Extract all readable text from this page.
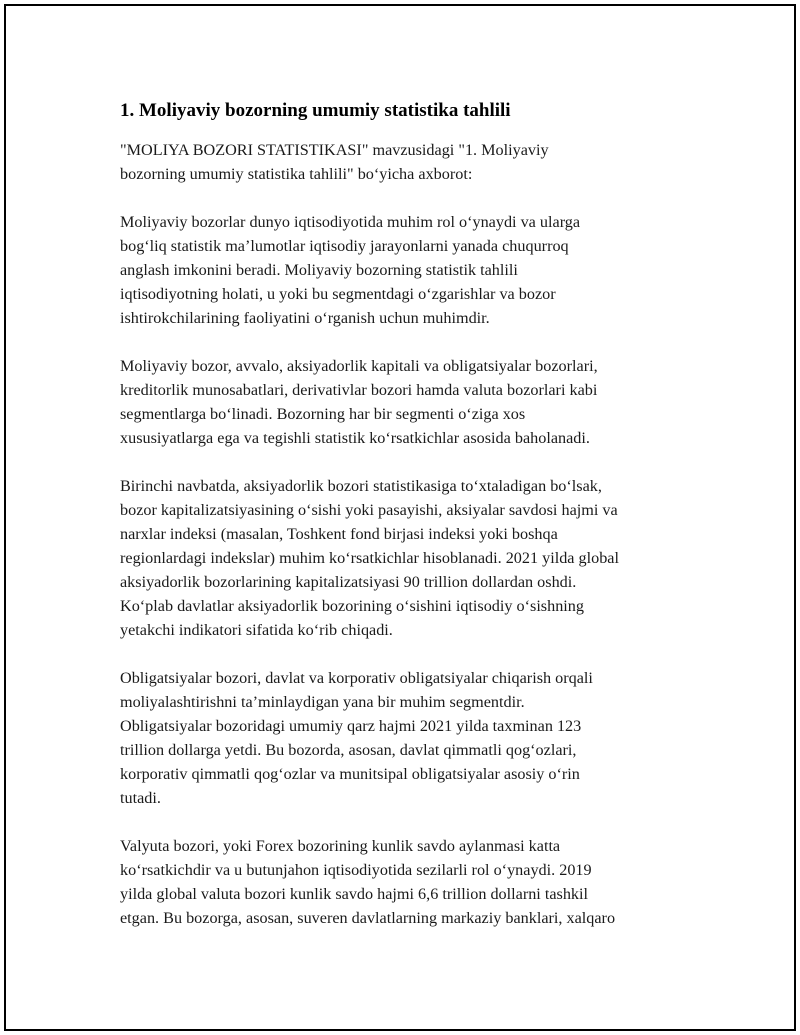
1. Moliyaviy bozorning umumiy statistika tahlili

"MOLIYA BOZORI STATISTIKASI" mavzusidagi "1. Moliyaviy
bozorning umumiy statistika tahlili" bo‘yicha axborot:

Moliyaviy bozorlar dunyo iqtisodiyotida muhim rol o‘ynaydi va ularga
bog‘liq statistik ma’lumotlar iqtisodiy jarayonlarni yanada chuqurroq
anglash imkonini beradi. Moliyaviy bozorning statistik tahlili
iqtisodiyotning holati, u yoki bu segmentdagi o‘zgarishlar va bozor
ishtirokchilarining faoliyatini o‘rganish uchun muhimdir.

Moliyaviy bozor, avvalo, aksiyadorlik kapitali va obligatsiyalar bozorlari,
kreditorlik munosabatlari, derivativlar bozori hamda valuta bozorlari kabi
segmentlarga bo‘linadi. Bozorning har bir segmenti o‘ziga xos
xususiyatlarga ega va tegishli statistik ko‘rsatkichlar asosida baholanadi.

Birinchi navbatda, aksiyadorlik bozori statistikasiga to‘xtaladigan bo‘lsak,
bozor kapitalizatsiyasining o‘sishi yoki pasayishi, aksiyalar savdosi hajmi va
narxlar indeksi (masalan, Toshkent fond birjasi indeksi yoki boshqa
regionlardagi indekslar) muhim ko‘rsatkichlar hisoblanadi. 2021 yilda global
aksiyadorlik bozorlarining kapitalizatsiyasi 90 trillion dollardan oshdi.
Ko‘plab davlatlar aksiyadorlik bozorining o‘sishini iqtisodiy o‘sishning
yetakchi indikatori sifatida ko‘rib chiqadi.

Obligatsiyalar bozori, davlat va korporativ obligatsiyalar chiqarish orqali
moliyalashtirishni ta’minlaydigan yana bir muhim segmentdir.
Obligatsiyalar bozoridagi umumiy qarz hajmi 2021 yilda taxminan 123
trillion dollarga yetdi. Bu bozorda, asosan, davlat qimmatli qog‘ozlari,
korporativ qimmatli qog‘ozlar va munitsipal obligatsiyalar asosiy o‘rin
tutadi.

Valyuta bozori, yoki Forex bozorining kunlik savdo aylanmasi katta
ko‘rsatkichdir va u butunjahon iqtisodiyotida sezilarli rol o‘ynaydi. 2019
yilda global valuta bozori kunlik savdo hajmi 6,6 trillion dollarni tashkil
etgan. Bu bozorga, asosan, suveren davlatlarning markaziy banklari, xalqaro
